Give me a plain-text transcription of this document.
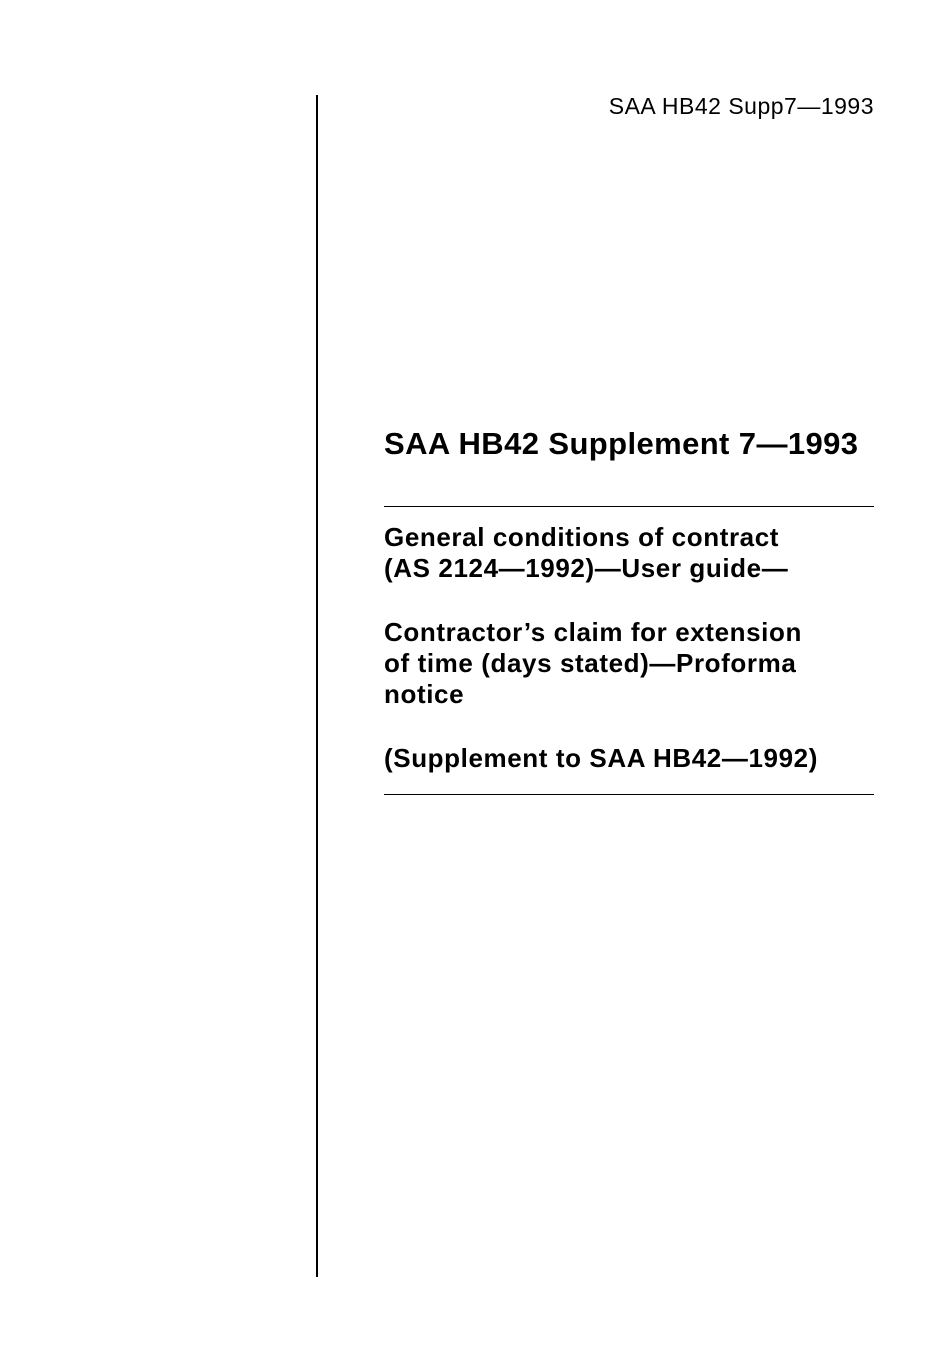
SAA HB42 Supp7—1993
SAA HB42 Supplement 7—1993

General conditions of contract

(AS 2124—1992)—User guide—

Contractor’s claim for extension

of time (days stated)—Proforma

notice

(Supplement to SAA HB42—1992)
